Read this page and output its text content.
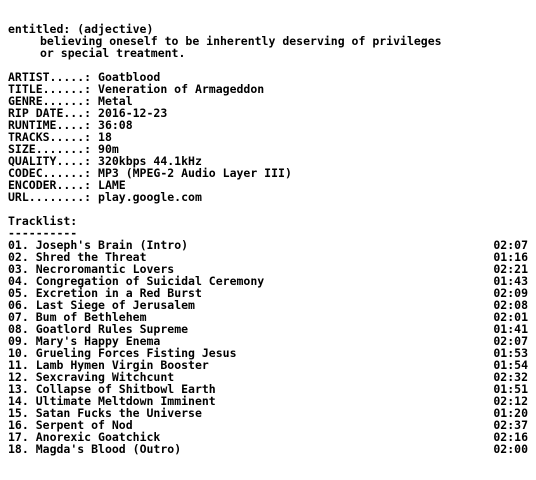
entitled: (adjective)
believing oneself to be inherently deserving of privileges
or special treatment.
ARTIST.....: Goatblood
TITLE......: Veneration of Armageddon
GENRE......: Metal
RIP DATE...: 2016-12-23
RUNTIME....: 36:08
TRACKS.....: 18
SIZE.......: 90m
QUALITY....: 320kbps 44.1kHz
CODEC......: MP3 (MPEG-2 Audio Layer III)
ENCODER....: LAME
URL........: play.google.com
Tracklist:
----------
01. Joseph's Brain (Intro)	02:07
02. Shred the Threat	01:16
03. Necroromantic Lovers	02:21
04. Congregation of Suicidal Ceremony	01:43
05. Excretion in a Red Burst	02:09
06. Last Siege of Jerusalem	02:08
07. Bum of Bethlehem	02:01
08. Goatlord Rules Supreme	01:41
09. Mary's Happy Enema	02:07
10. Grueling Forces Fisting Jesus	01:53
11. Lamb Hymen Virgin Booster	01:54
12. Sexcraving Witchcunt	02:32
13. Collapse of Shitbowl Earth	01:51
14. Ultimate Meltdown Imminent	02:12
15. Satan Fucks the Universe	01:20
16. Serpent of Nod	02:37
17. Anorexic Goatchick	02:16
18. Magda's Blood (Outro)	02:00
